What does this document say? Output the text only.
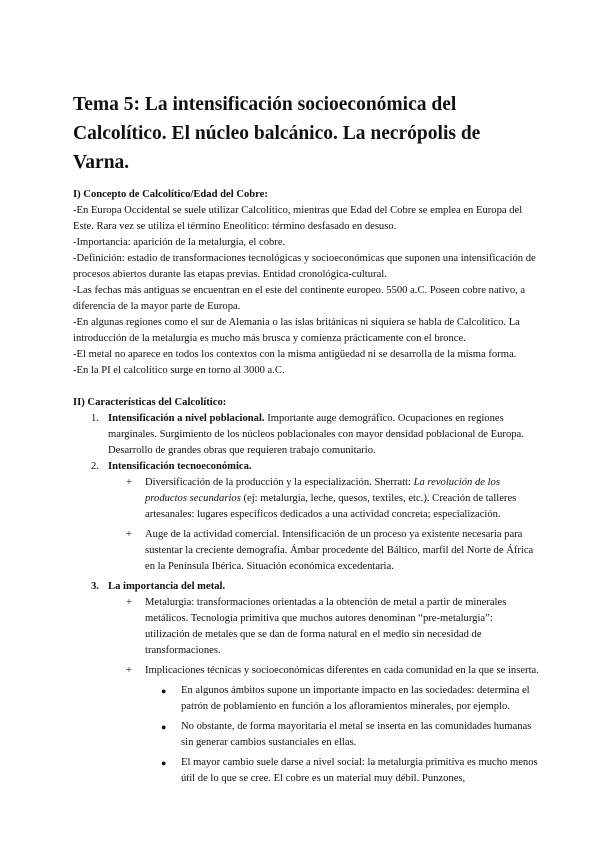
Tema 5: La intensificación socioeconómica del Calcolítico. El núcleo balcánico. La necrópolis de Varna.

I) Concepto de Calcolítico/Edad del Cobre:

-En Europa Occidental se suele utilizar Calcolítico, mientras que Edad del Cobre se emplea en Europa del Este. Rara vez se utiliza el término Eneolítico: término desfasado en desuso.

-Importancia: aparición de la metalurgia, el cobre.

-Definición: estadio de transformaciones tecnológicas y socioeconómicas que suponen una intensificación de procesos abiertos durante las etapas previas. Entidad cronológica-cultural.

-Las fechas más antiguas se encuentran en el este del continente europeo. 5500 a.C. Poseen cobre nativo, a diferencia de la mayor parte de Europa.

-En algunas regiones como el sur de Alemania o las islas británicas ni siquiera se habla de Calcolítico. La introducción de la metalurgia es mucho más brusca y comienza prácticamente con el bronce.

-El metal no aparece en todos los contextos con la misma antigüedad ni se desarrolla de la misma forma.

-En la PI el calcolítico surge en torno al 3000 a.C.

II) Características del Calcolítico:

1. Intensificación a nivel poblacional. Importante auge demográfico. Ocupaciones en regiones marginales. Surgimiento de los núcleos poblacionales con mayor densidad poblacional de Europa. Desarrollo de grandes obras que requieren trabajo comunitario.
2. Intensificación tecnoeconómica.
+	Diversificación de la producción y la especialización. Sherratt: La revolución de los productos secundarios (ej: metalurgia, leche, quesos, textiles, etc.). Creación de talleres artesanales: lugares específicos dedicados a una actividad concreta; especialización.
+	Auge de la actividad comercial. Intensificación de un proceso ya existente necesaria para sustentar la creciente demografía. Ámbar procedente del Báltico, marfil del Norte de África en la Península Ibérica. Situación económica excedentaria.
3. La importancia del metal.
+	Metalurgia: transformaciones orientadas a la obtención de metal a partir de minerales metálicos. Tecnología primitiva que muchos autores denominan “pre-metalurgia”: utilización de metales que se dan de forma natural en el medio sin necesidad de transformaciones.
+	Implicaciones técnicas y socioeconómicas diferentes en cada comunidad en la que se inserta.
●	En algunos ámbitos supone un importante impacto en las sociedades: determina el patrón de poblamiento en función a los afloramientos minerales, por ejemplo.
●	No obstante, de forma mayoritaria el metal se inserta en las comunidades humanas sin generar cambios sustanciales en ellas.
●	El mayor cambio suele darse a nivel social: la metalurgia primitiva es mucho menos útil de lo que se cree. El cobre es un material muy débil. Punzones,
